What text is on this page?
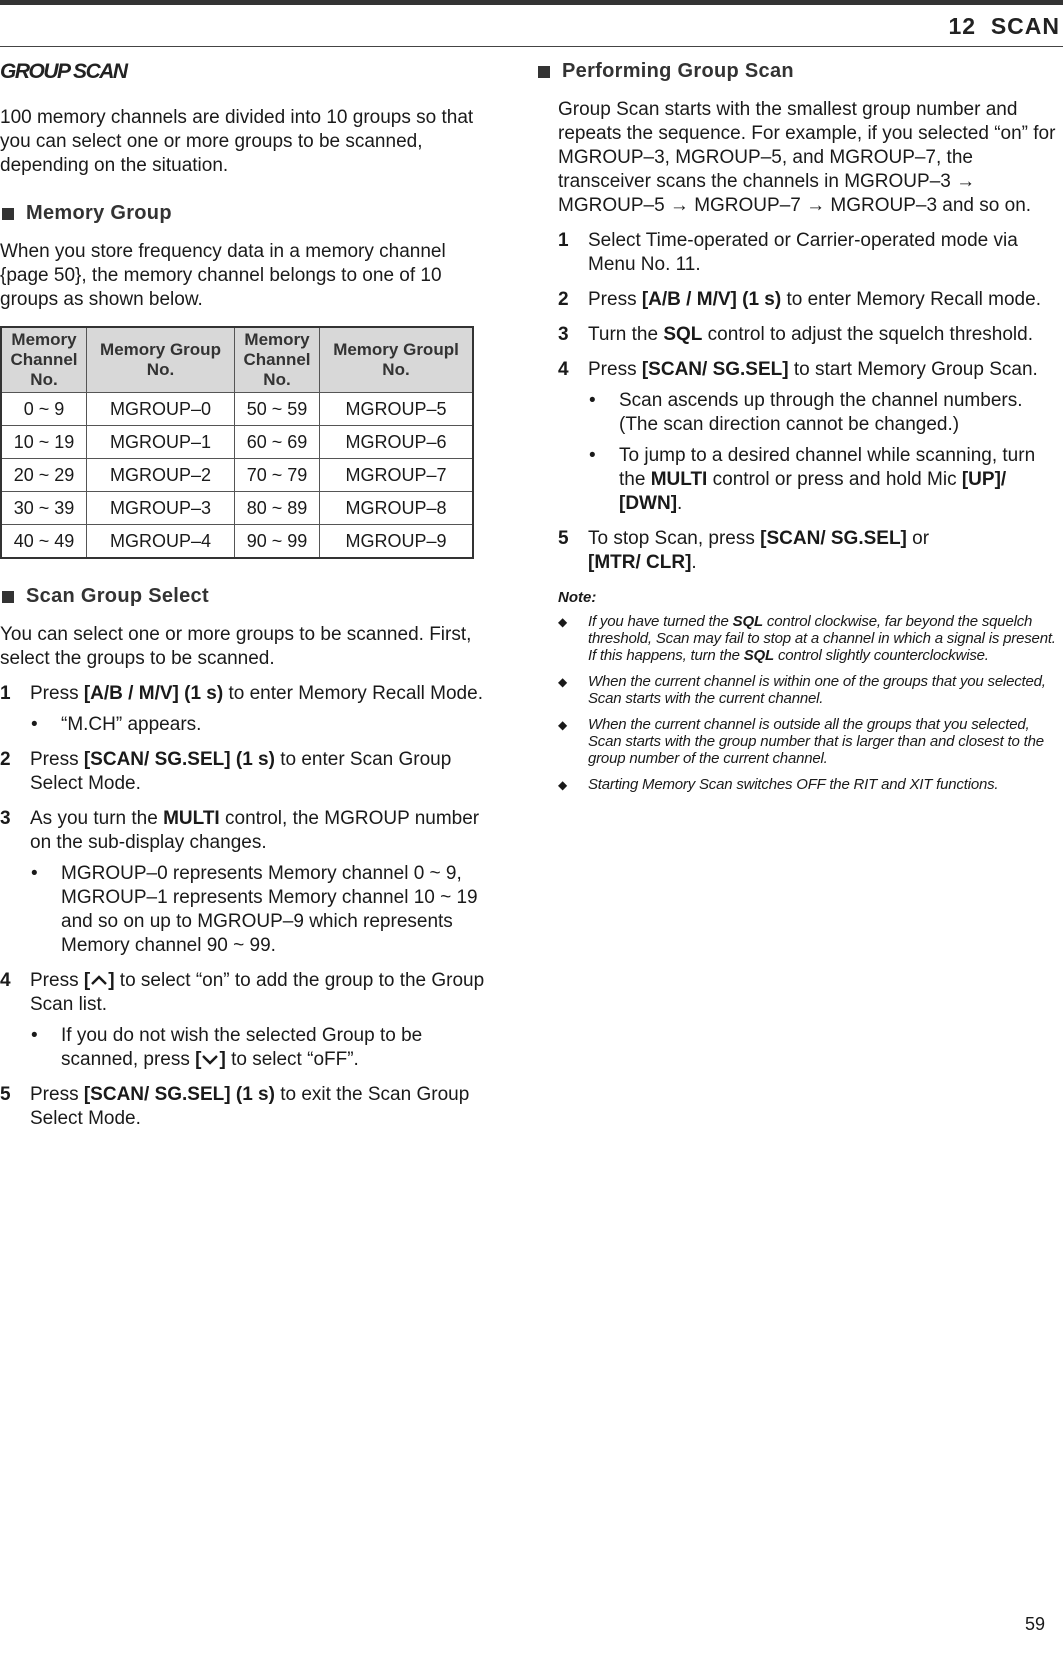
12  SCAN
GROUP SCAN

100 memory channels are divided into 10 groups so that you can select one or more groups to be scanned, depending on the situation.

Memory Group

When you store frequency data in a memory channel {page 50}, the memory channel belongs to one of 10 groups as shown below.

Memory Channel No.	Memory Group No.	Memory Channel No.	Memory Groupl No.
0 ~ 9	MGROUP–0	50 ~ 59	MGROUP–5
10 ~ 19	MGROUP–1	60 ~ 69	MGROUP–6
20 ~ 29	MGROUP–2	70 ~ 79	MGROUP–7
30 ~ 39	MGROUP–3	80 ~ 89	MGROUP–8
40 ~ 49	MGROUP–4	90 ~ 99	MGROUP–9
Scan Group Select

You can select one or more groups to be scanned. First, select the groups to be scanned.

1	Press [A/B / M/V] (1 s) to enter Memory Recall Mode.
•	“M.CH” appears.
2	Press [SCAN/ SG.SEL] (1 s) to enter Scan Group Select Mode.
3	As you turn the MULTI control, the MGROUP number on the sub-display changes.
•	MGROUP–0 represents Memory channel 0 ~ 9, MGROUP–1 represents Memory channel 10 ~ 19 and so on up to MGROUP–9 which represents Memory channel 90 ~ 99.
4	Press [ ] to select “on” to add the group to the Group Scan list.
•	If you do not wish the selected Group to be scanned, press [ ] to select “oFF”.
5	Press [SCAN/ SG.SEL] (1 s) to exit the Scan Group Select Mode.
Performing Group Scan

Group Scan starts with the smallest group number and repeats the sequence. For example, if you selected “on” for MGROUP–3, MGROUP–5, and MGROUP–7, the transceiver scans the channels in MGROUP–3 → MGROUP–5 → MGROUP–7 → MGROUP–3 and so on.

1	Select Time-operated or Carrier-operated mode via Menu No. 11.
2	Press [A/B / M/V] (1 s) to enter Memory Recall mode.
3	Turn the SQL control to adjust the squelch threshold.
4	Press [SCAN/ SG.SEL] to start Memory Group Scan.
•	Scan ascends up through the channel numbers. (The scan direction cannot be changed.)
•	To jump to a desired channel while scanning, turn the MULTI control or press and hold Mic [UP]/ [DWN].
5	To stop Scan, press [SCAN/ SG.SEL] or
[MTR/ CLR].
Note:
◆	If you have turned the SQL control clockwise, far beyond the squelch threshold, Scan may fail to stop at a channel in which a signal is present. If this happens, turn the SQL control slightly counterclockwise.
◆	When the current channel is within one of the groups that you selected, Scan starts with the current channel.
◆	When the current channel is outside all the groups that you selected, Scan starts with the group number that is larger than and closest to the group number of the current channel.
◆	Starting Memory Scan switches OFF the RIT and XIT functions.
59
